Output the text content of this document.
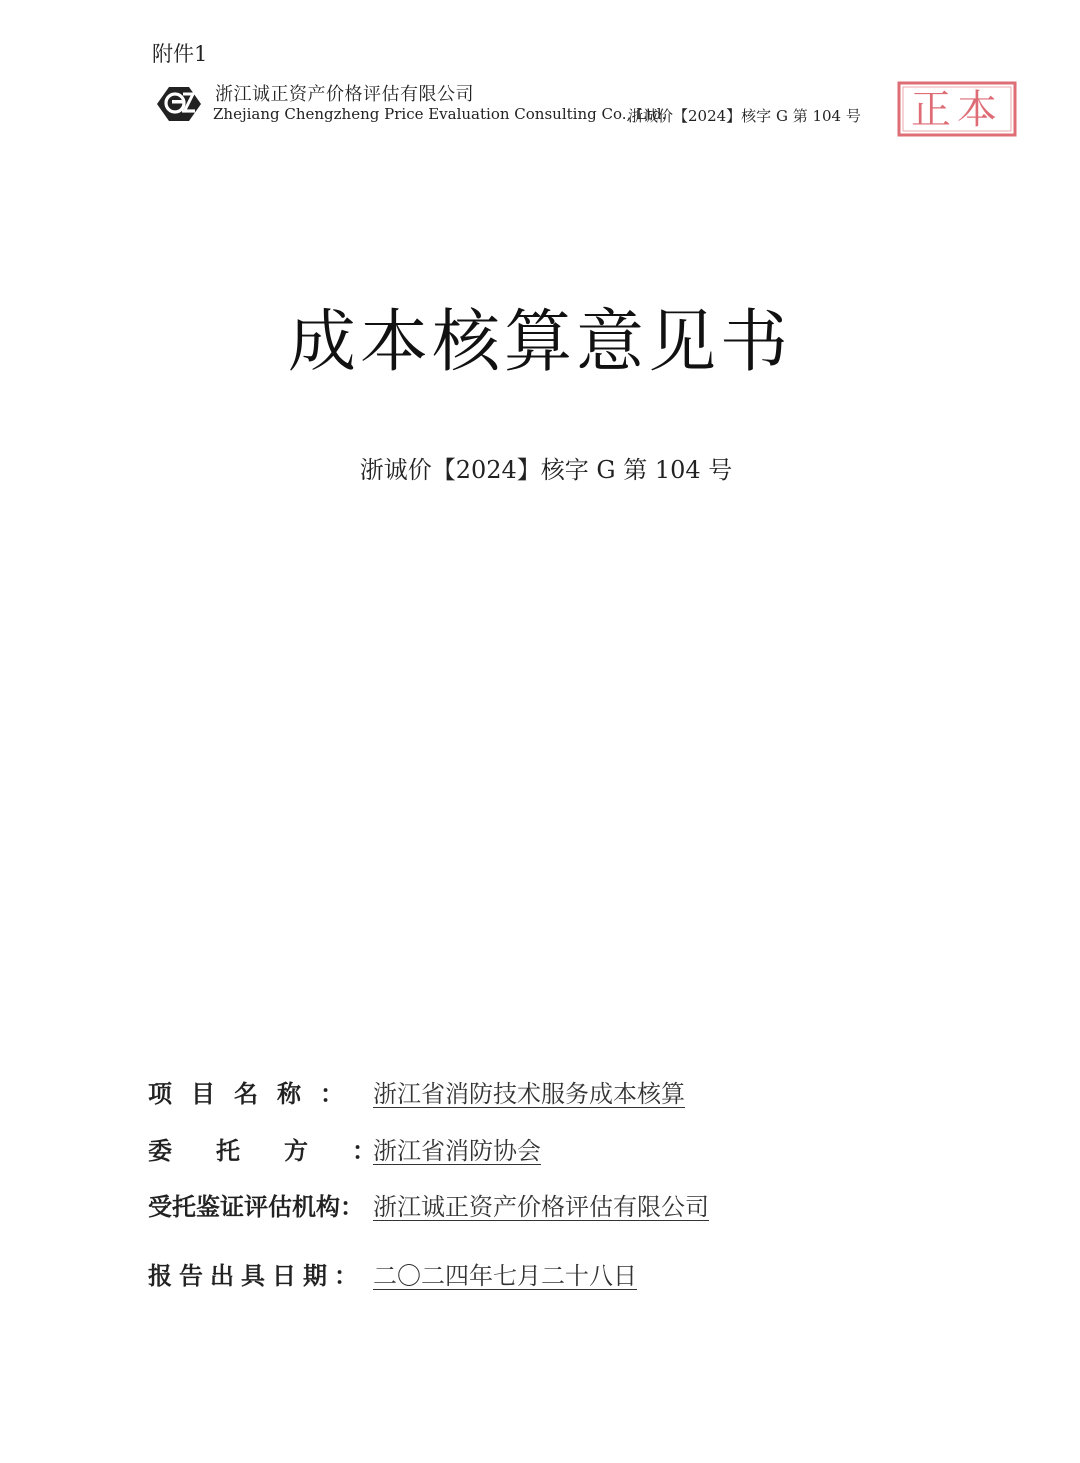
附件1
浙江诚正资产价格评估有限公司
Zhejiang Chengzheng Price Evaluation Consulting Co., Ltd.
浙诚价【2024】核字 G 第 104 号 正本
成本核算意见书
浙诚价【2024】核字 G 第 104 号
项目名称： 浙江省消防技术服务成本核算
委托方：浙江省消防协会
受托鉴证评估机构： 浙江诚正资产价格评估有限公司
报告出具日期： 二〇二四年七月二十八日
